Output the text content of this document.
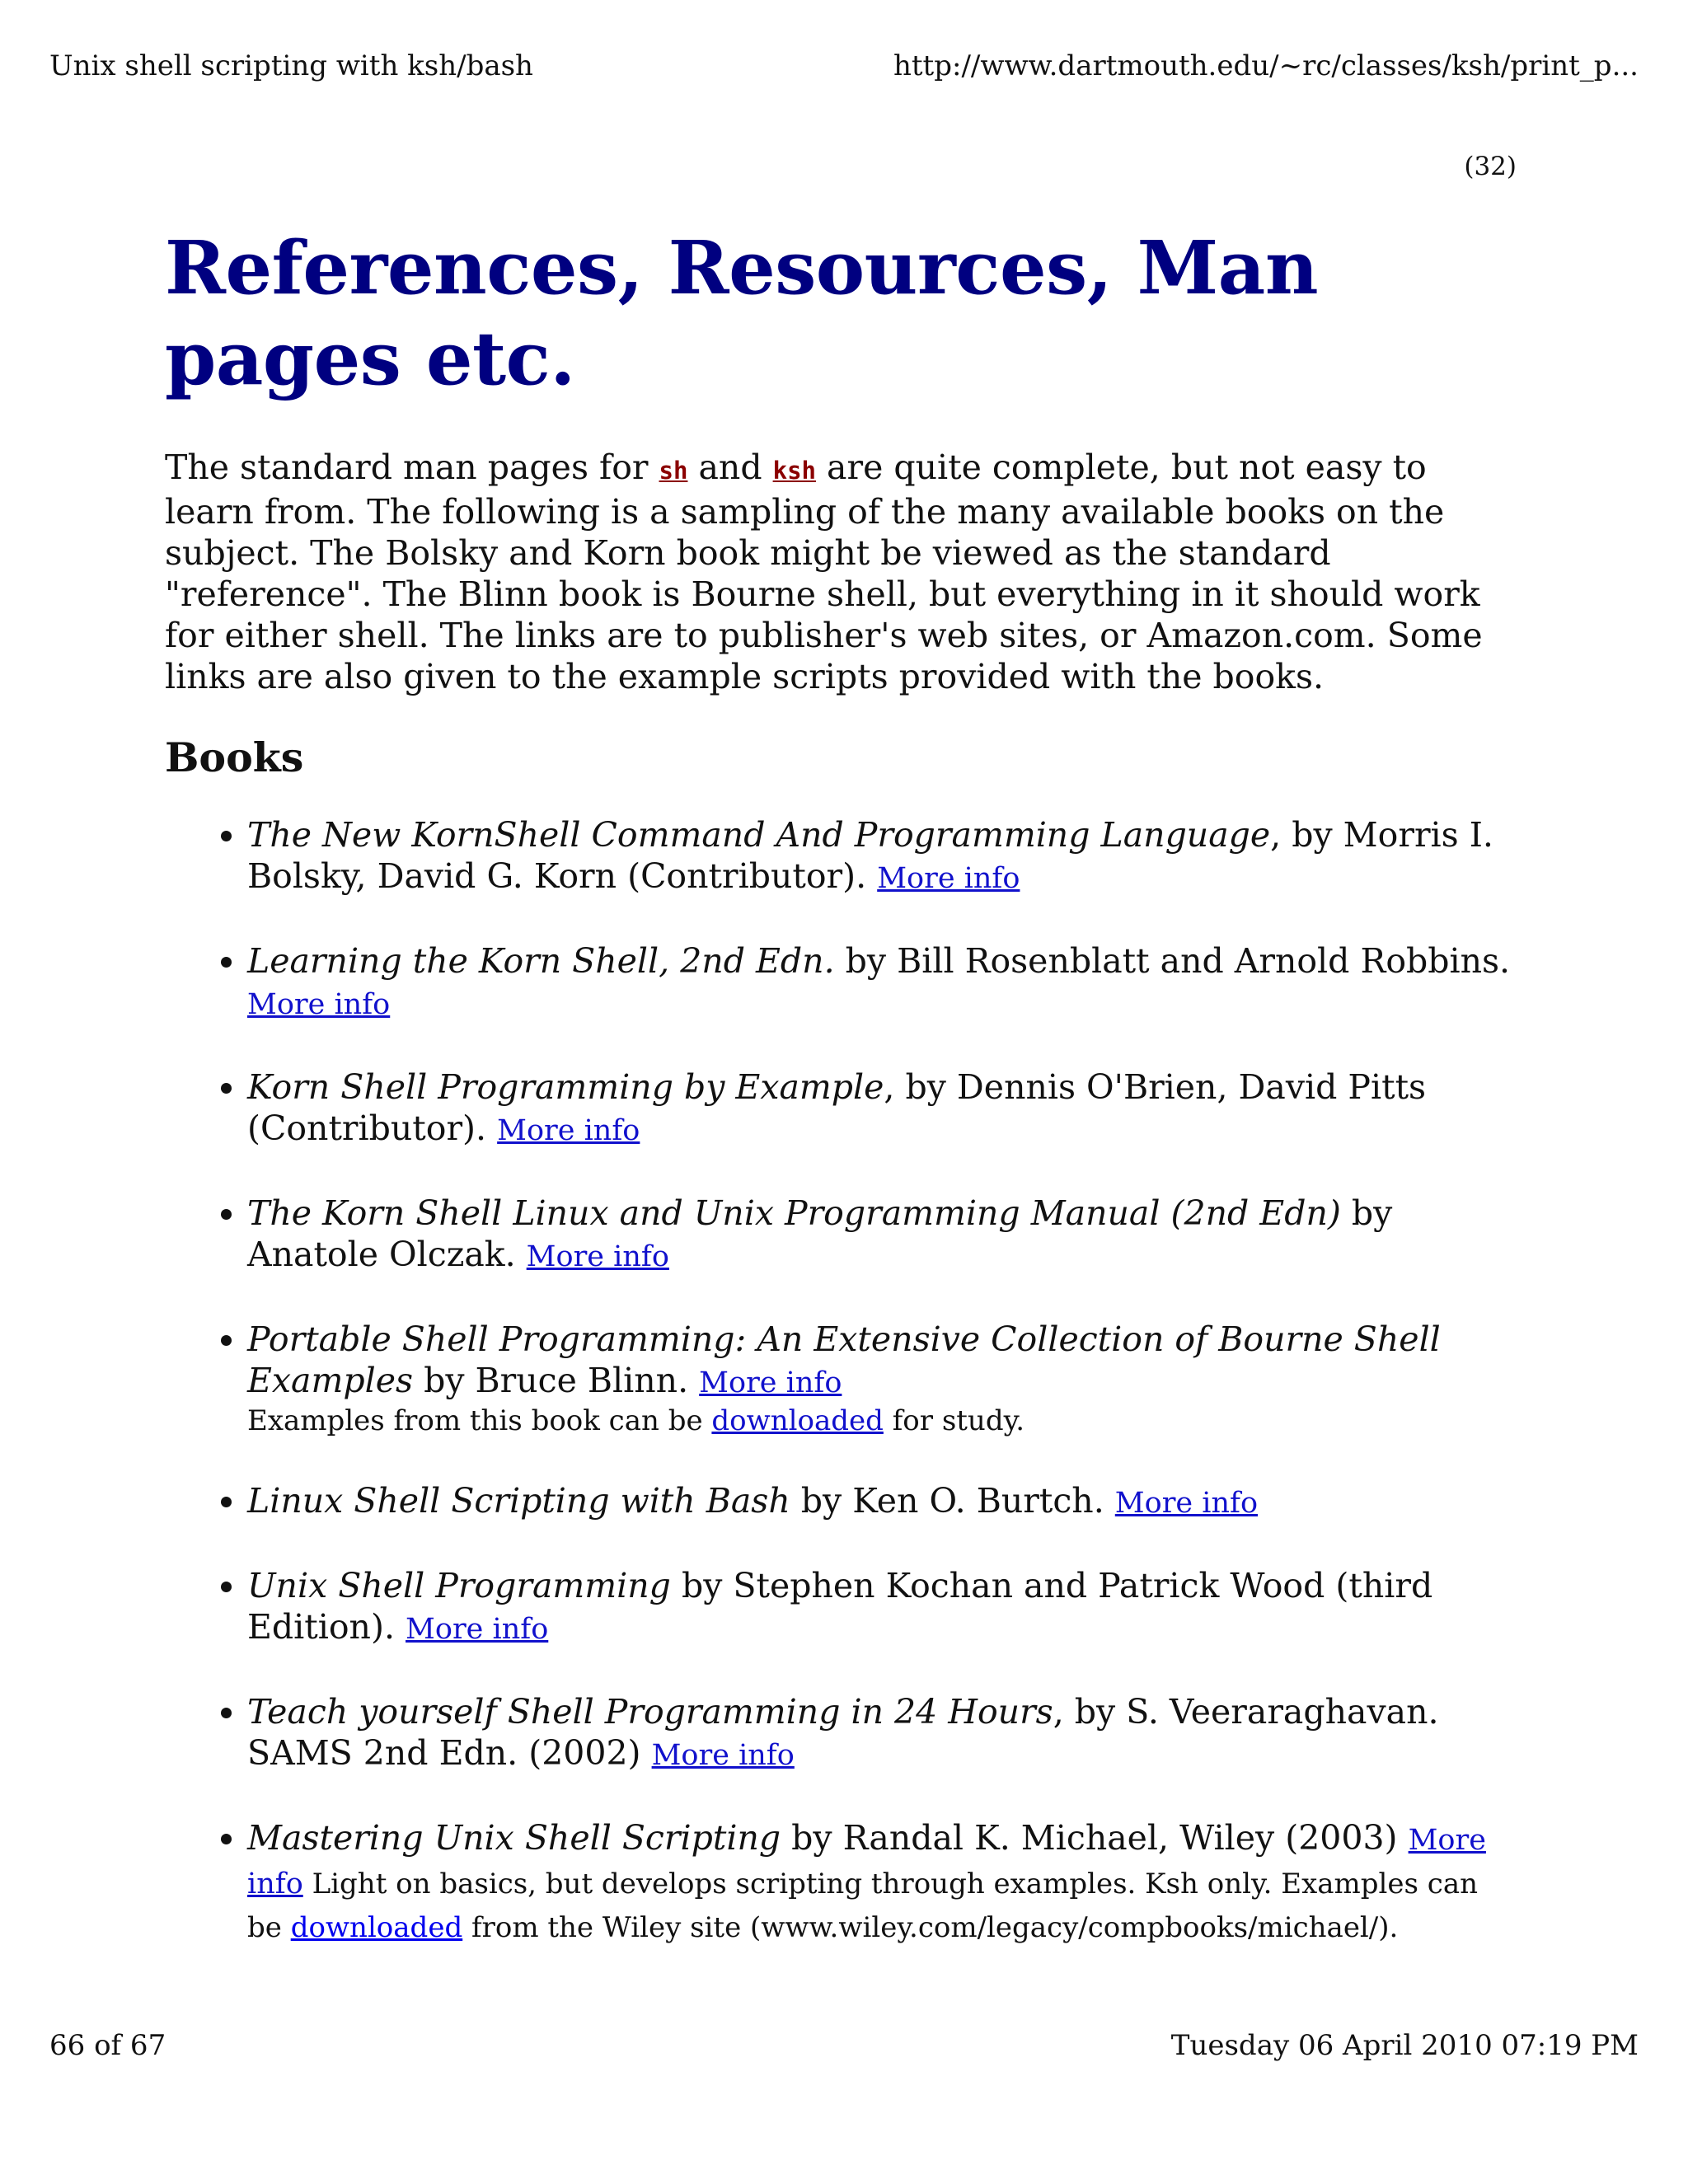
Unix shell scripting with ksh/bash	http://www.dartmouth.edu/~rc/classes/ksh/print_p...
(32)
References, Resources, Man pages etc.

The standard man pages for sh and ksh are quite complete, but not easy to learn from. The following is a sampling of the many available books on the subject. The Bolsky and Korn book might be viewed as the standard "reference". The Blinn book is Bourne shell, but everything in it should work for either shell. The links are to publisher's web sites, or Amazon.com. Some links are also given to the example scripts provided with the books.

Books
• The New KornShell Command And Programming Language, by Morris I. Bolsky, David G. Korn (Contributor). More info
• Learning the Korn Shell, 2nd Edn. by Bill Rosenblatt and Arnold Robbins. More info
• Korn Shell Programming by Example, by Dennis O'Brien, David Pitts (Contributor). More info
• The Korn Shell Linux and Unix Programming Manual (2nd Edn) by Anatole Olczak. More info
• Portable Shell Programming: An Extensive Collection of Bourne Shell Examples by Bruce Blinn. More info
Examples from this book can be downloaded for study.
• Linux Shell Scripting with Bash by Ken O. Burtch. More info
• Unix Shell Programming by Stephen Kochan and Patrick Wood (third Edition). More info
• Teach yourself Shell Programming in 24 Hours, by S. Veeraraghavan. SAMS 2nd Edn. (2002) More info
• Mastering Unix Shell Scripting by Randal K. Michael, Wiley (2003) More info Light on basics, but develops scripting through examples. Ksh only. Examples can be downloaded from the Wiley site (www.wiley.com/legacy/compbooks/michael/).
66 of 67	Tuesday 06 April 2010 07:19 PM
